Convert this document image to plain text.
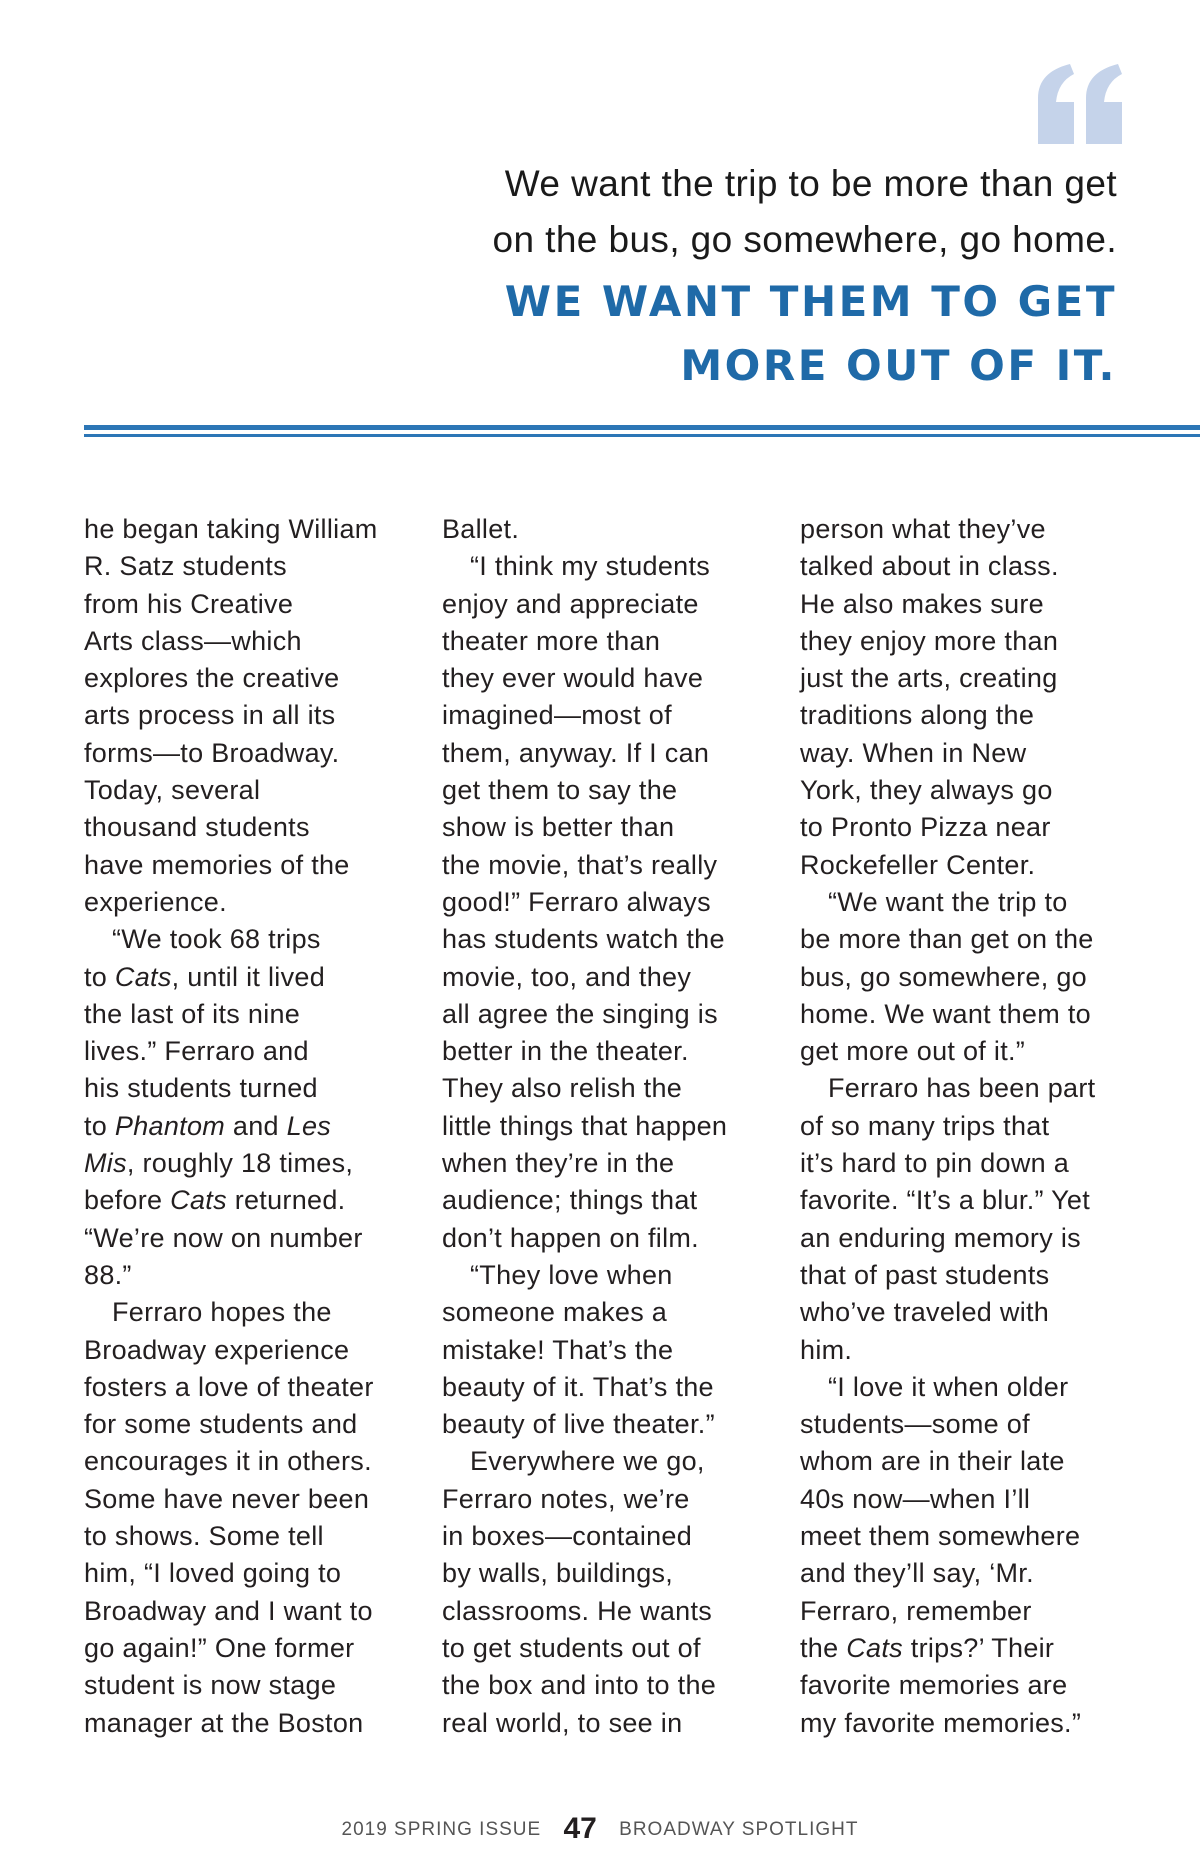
We want the trip to be more than get
on the bus, go somewhere, go home.
WE WANT THEM TO GET
MORE OUT OF IT.
he began taking William
R. Satz students
from his Creative
Arts class—which
explores the creative
arts process in all its
forms—to Broadway.
Today, several
thousand students
have memories of the
experience.
“We took 68 trips
to Cats, until it lived
the last of its nine
lives.” Ferraro and
his students turned
to Phantom and Les
Mis, roughly 18 times,
before Cats returned.
“We’re now on number
88.”
Ferraro hopes the
Broadway experience
fosters a love of theater
for some students and
encourages it in others.
Some have never been
to shows. Some tell
him, “I loved going to
Broadway and I want to
go again!” One former
student is now stage
manager at the Boston
Ballet.
“I think my students
enjoy and appreciate
theater more than
they ever would have
imagined—most of
them, anyway. If I can
get them to say the
show is better than
the movie, that’s really
good!” Ferraro always
has students watch the
movie, too, and they
all agree the singing is
better in the theater.
They also relish the
little things that happen
when they’re in the
audience; things that
don’t happen on film.
“They love when
someone makes a
mistake! That’s the
beauty of it. That’s the
beauty of live theater.”
Everywhere we go,
Ferraro notes, we’re
in boxes—contained
by walls, buildings,
classrooms. He wants
to get students out of
the box and into to the
real world, to see in
person what they’ve
talked about in class.
He also makes sure
they enjoy more than
just the arts, creating
traditions along the
way. When in New
York, they always go
to Pronto Pizza near
Rockefeller Center.
“We want the trip to
be more than get on the
bus, go somewhere, go
home. We want them to
get more out of it.”
Ferraro has been part
of so many trips that
it’s hard to pin down a
favorite. “It’s a blur.” Yet
an enduring memory is
that of past students
who’ve traveled with
him.
“I love it when older
students—some of
whom are in their late
40s now—when I’ll
meet them somewhere
and they’ll say, ‘Mr.
Ferraro, remember
the Cats trips?’ Their
favorite memories are
my favorite memories.”
2019 SPRING ISSUE 47 BROADWAY SPOTLIGHT
